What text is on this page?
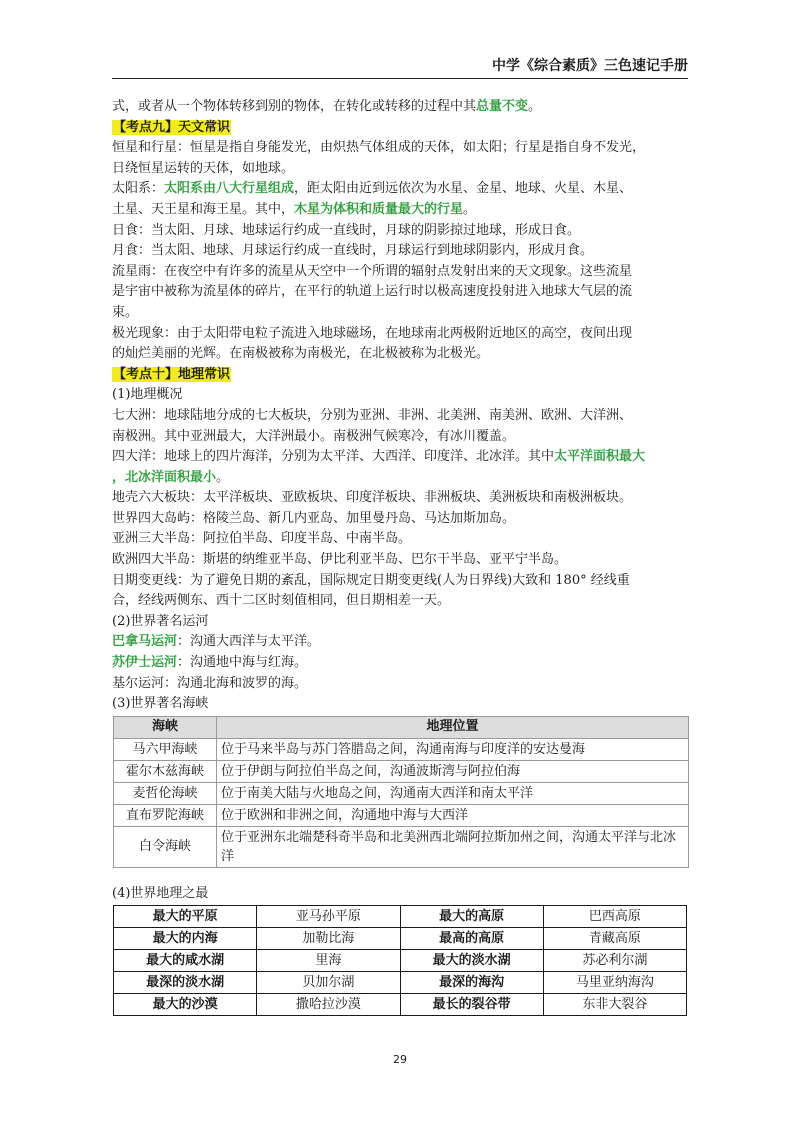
中学《综合素质》三色速记手册

式，或者从一个物体转移到别的物体，在转化或转移的过程中其总量不变。

【考点九】天文常识

恒星和行星：恒星是指自身能发光，由炽热气体组成的天体，如太阳；行星是指自身不发光，
日绕恒星运转的天体，如地球。

太阳系：太阳系由八大行星组成，距太阳由近到远依次为水星、金星、地球、火星、木星、
土星、天王星和海王星。其中，木星为体积和质量最大的行星。

日食：当太阳、月球、地球运行约成一直线时，月球的阴影掠过地球，形成日食。

月食：当太阳、地球、月球运行约成一直线时，月球运行到地球阴影内，形成月食。

流星雨：在夜空中有许多的流星从天空中一个所谓的辐射点发射出来的天文现象。这些流星
是宇宙中被称为流星体的碎片，在平行的轨道上运行时以极高速度投射进入地球大气层的流
束。

极光现象：由于太阳带电粒子流进入地球磁场，在地球南北两极附近地区的高空，夜间出现
的灿烂美丽的光辉。在南极被称为南极光，在北极被称为北极光。

【考点十】地理常识

(1)地理概况

七大洲：地球陆地分成的七大板块，分别为亚洲、非洲、北美洲、南美洲、欧洲、大洋洲、
南极洲。其中亚洲最大，大洋洲最小。南极洲气候寒冷，有冰川覆盖。

四大洋：地球上的四片海洋，分别为太平洋、大西洋、印度洋、北冰洋。其中太平洋面积最大
，北冰洋面积最小。

地壳六大板块：太平洋板块、亚欧板块、印度洋板块、非洲板块、美洲板块和南极洲板块。

世界四大岛屿：格陵兰岛、新几内亚岛、加里曼丹岛、马达加斯加岛。

亚洲三大半岛：阿拉伯半岛、印度半岛、中南半岛。

欧洲四大半岛：斯堪的纳维亚半岛、伊比利亚半岛、巴尔干半岛、亚平宁半岛。

日期变更线：为了避免日期的紊乱，国际规定日期变更线(人为日界线)大致和 180° 经线重
合，经线两侧东、西十二区时刻值相同，但日期相差一天。

(2)世界著名运河

巴拿马运河：沟通大西洋与太平洋。

苏伊士运河：沟通地中海与红海。

基尔运河：沟通北海和波罗的海。

(3)世界著名海峡

海峡	地理位置
马六甲海峡	位于马来半岛与苏门答腊岛之间，沟通南海与印度洋的安达曼海
霍尔木兹海峡	位于伊朗与阿拉伯半岛之间，沟通波斯湾与阿拉伯海
麦哲伦海峡	位于南美大陆与火地岛之间，沟通南大西洋和南太平洋
直布罗陀海峡	位于欧洲和非洲之间，沟通地中海与大西洋
白令海峡	位于亚洲东北端楚科奇半岛和北美洲西北端阿拉斯加州之间，沟通太平洋与北冰洋

(4)世界地理之最

最大的平原	亚马孙平原	最大的高原	巴西高原
最大的内海	加勒比海	最高的高原	青藏高原
最大的咸水湖	里海	最大的淡水湖	苏必利尔湖
最深的淡水湖	贝加尔湖	最深的海沟	马里亚纳海沟
最大的沙漠	撒哈拉沙漠	最长的裂谷带	东非大裂谷
29
